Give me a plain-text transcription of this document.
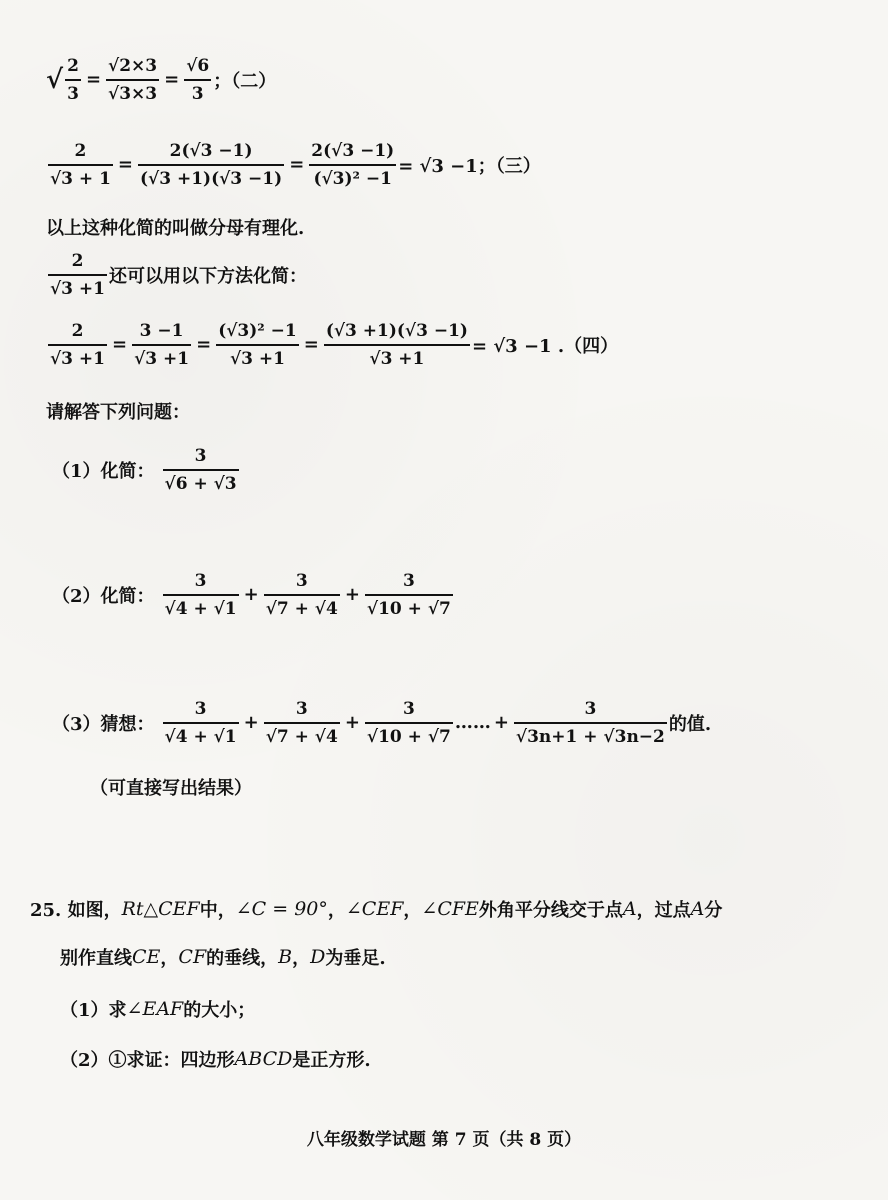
√ $\frac{2}{3} = \frac{√2\times 3}{√3\times 3} = \frac{√6}{3}$ ；（二）
$\frac{2}{√3 + 1} = \frac{2(√3 -1)}{(√3 +1)(√3 -1)} = \frac{2(√3 -1)}{\text{(√3)² −1}} = √3 -1$；（三）
以上这种化简的叫做分母有理化.
$\frac{2}{√3 +1}$ 还可以用以下方法化简：
$\frac{2}{√3 +1} = \frac{3 -1}{√3 +1} = \frac{\text{(√3)² −1}}{√3 +1} = \frac{(√3 +1)(√3 -1)}{√3 +1} = √3 -1$ .（四）
请解答下列问题：
（1）化简： $\frac{3}{√6 + √3}$
（2）化简： $\frac{3}{√4 + √1} + \frac{3}{√7 + √4} + \frac{3}{√10 + √7}$
（3）猜想： $\frac{3}{√4 + √1} + \frac{3}{√7 + √4} + \frac{3}{√10 + √7}$ …… + $\frac{3}{√3n+1 + √3n-2}$ 的值.
（可直接写出结果）
25. 如图， Rt△CEF 中， ∠C = 90° ， ∠CEF ， ∠CFE 外角平分线交于点 A ，过点 A 分
别作直线 CE ， CF 的垂线， B ， D 为垂足.
（1）求 ∠EAF 的大小；
（2）①求证：四边形 ABCD 是正方形.
八年级数学试题 第 7 页（共 8 页）
